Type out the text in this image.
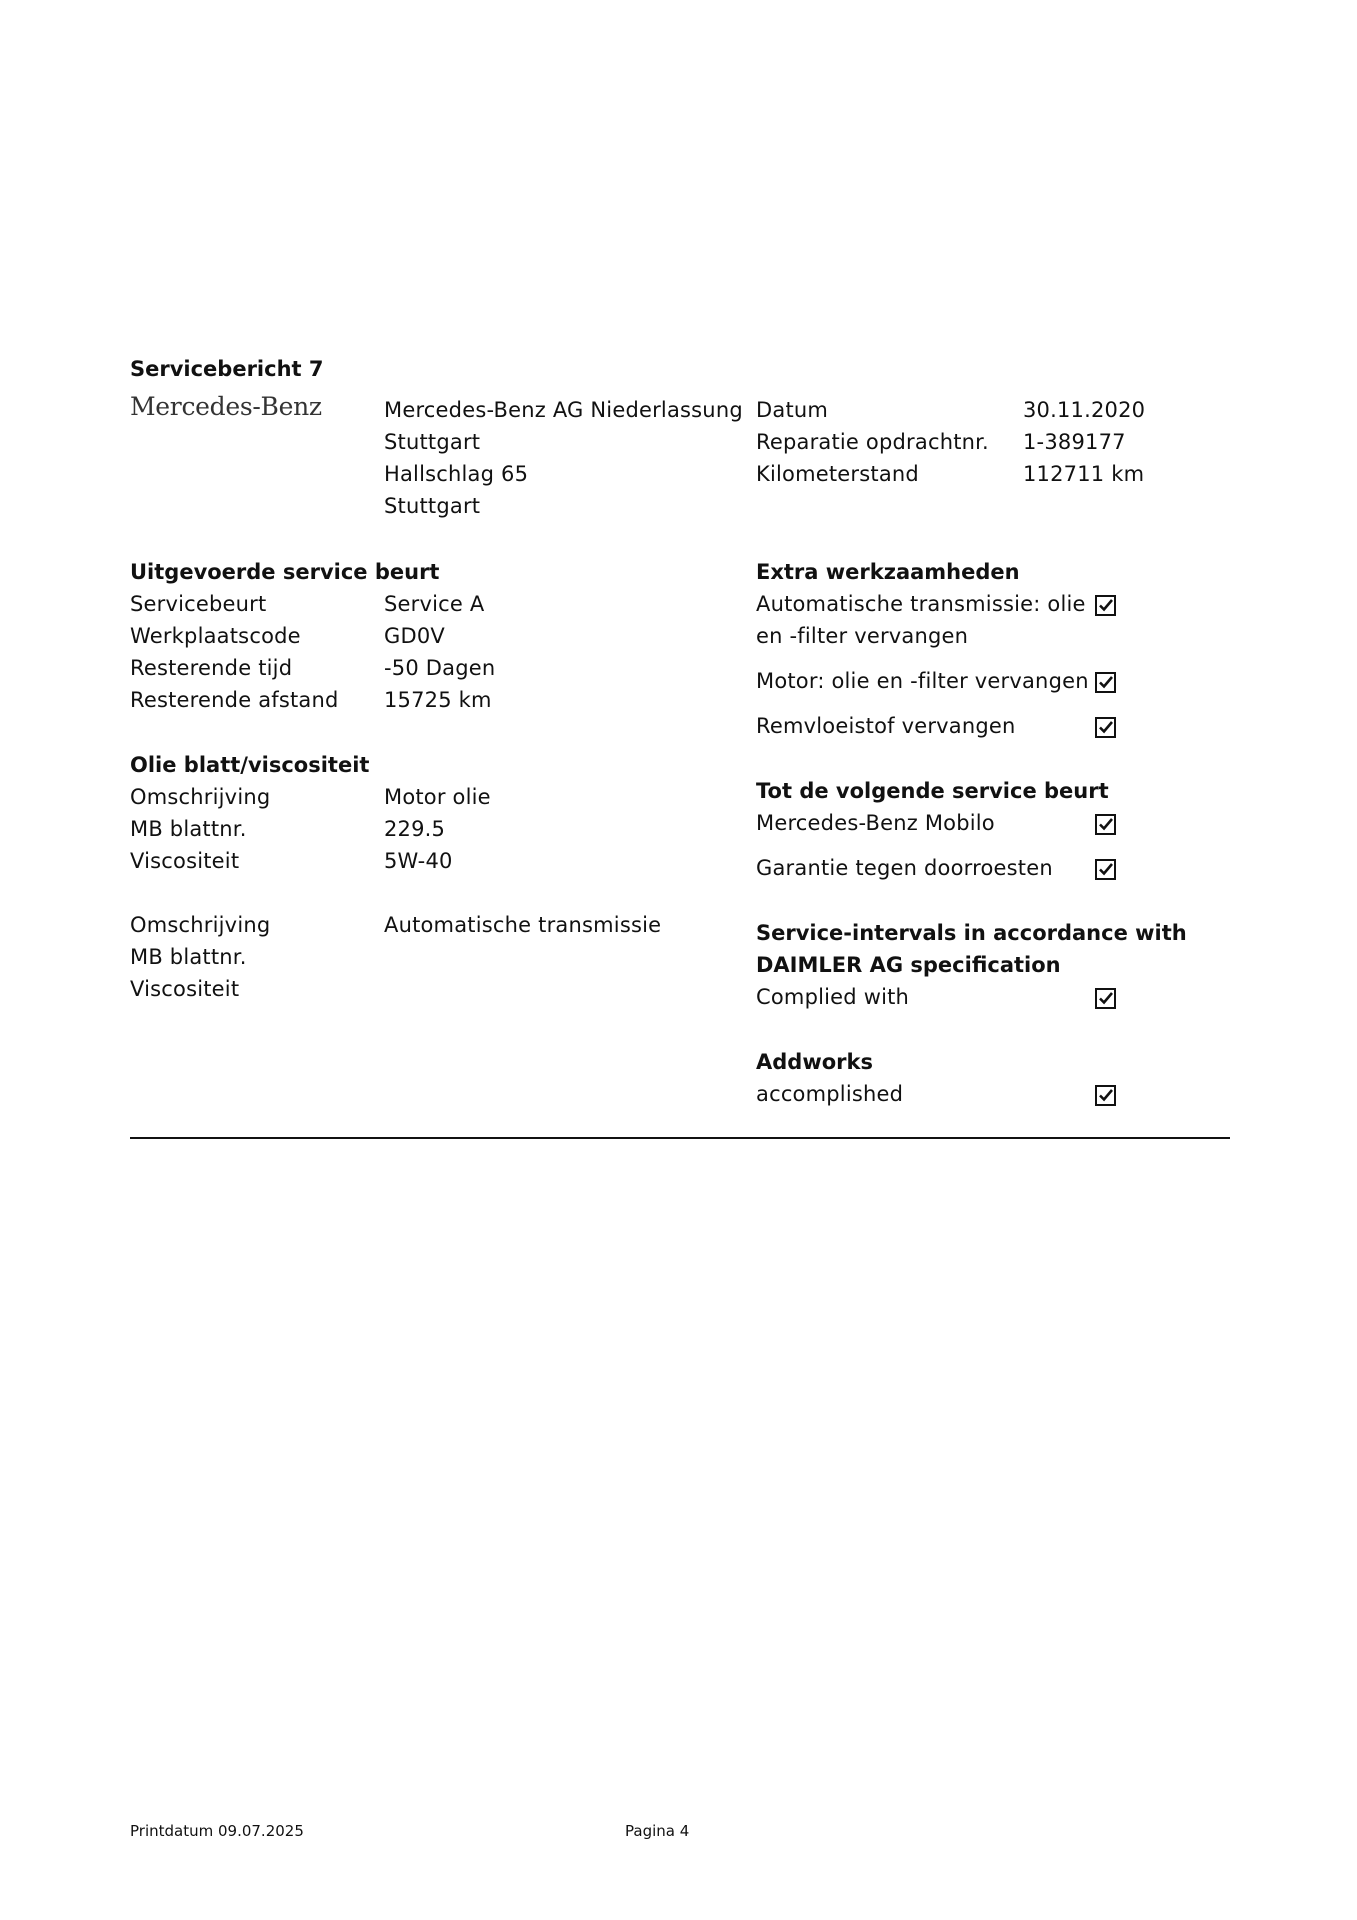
Servicebericht 7
Mercedes-Benz	Mercedes-Benz AG Niederlassung
Stuttgart
Hallschlag 65
Stuttgart
Datum	30.11.2020
Reparatie opdrachtnr. 1-389177
Kilometerstand	112711 km
Uitgevoerde service beurt
Servicebeurt	Service A
Werkplaatscode	GD0V
Resterende tijd	-50 Dagen
Resterende afstand 15725 km
Olie blatt/viscositeit
Omschrijving	Motor olie
MB blattnr.	229.5
Viscositeit	5W-40
Omschrijving	Automatische transmissie
MB blattnr.
Viscositeit
Extra werkzaamheden
Automatische transmissie: olie
en -filter vervangen
Motor: olie en -filter vervangen
Remvloeistof vervangen
Tot de volgende service beurt
Mercedes-Benz Mobilo
Garantie tegen doorroesten
Service-intervals in accordance with
DAIMLER AG specification
Complied with
Addworks
accomplished
Printdatum 09.07.2025	Pagina 4
